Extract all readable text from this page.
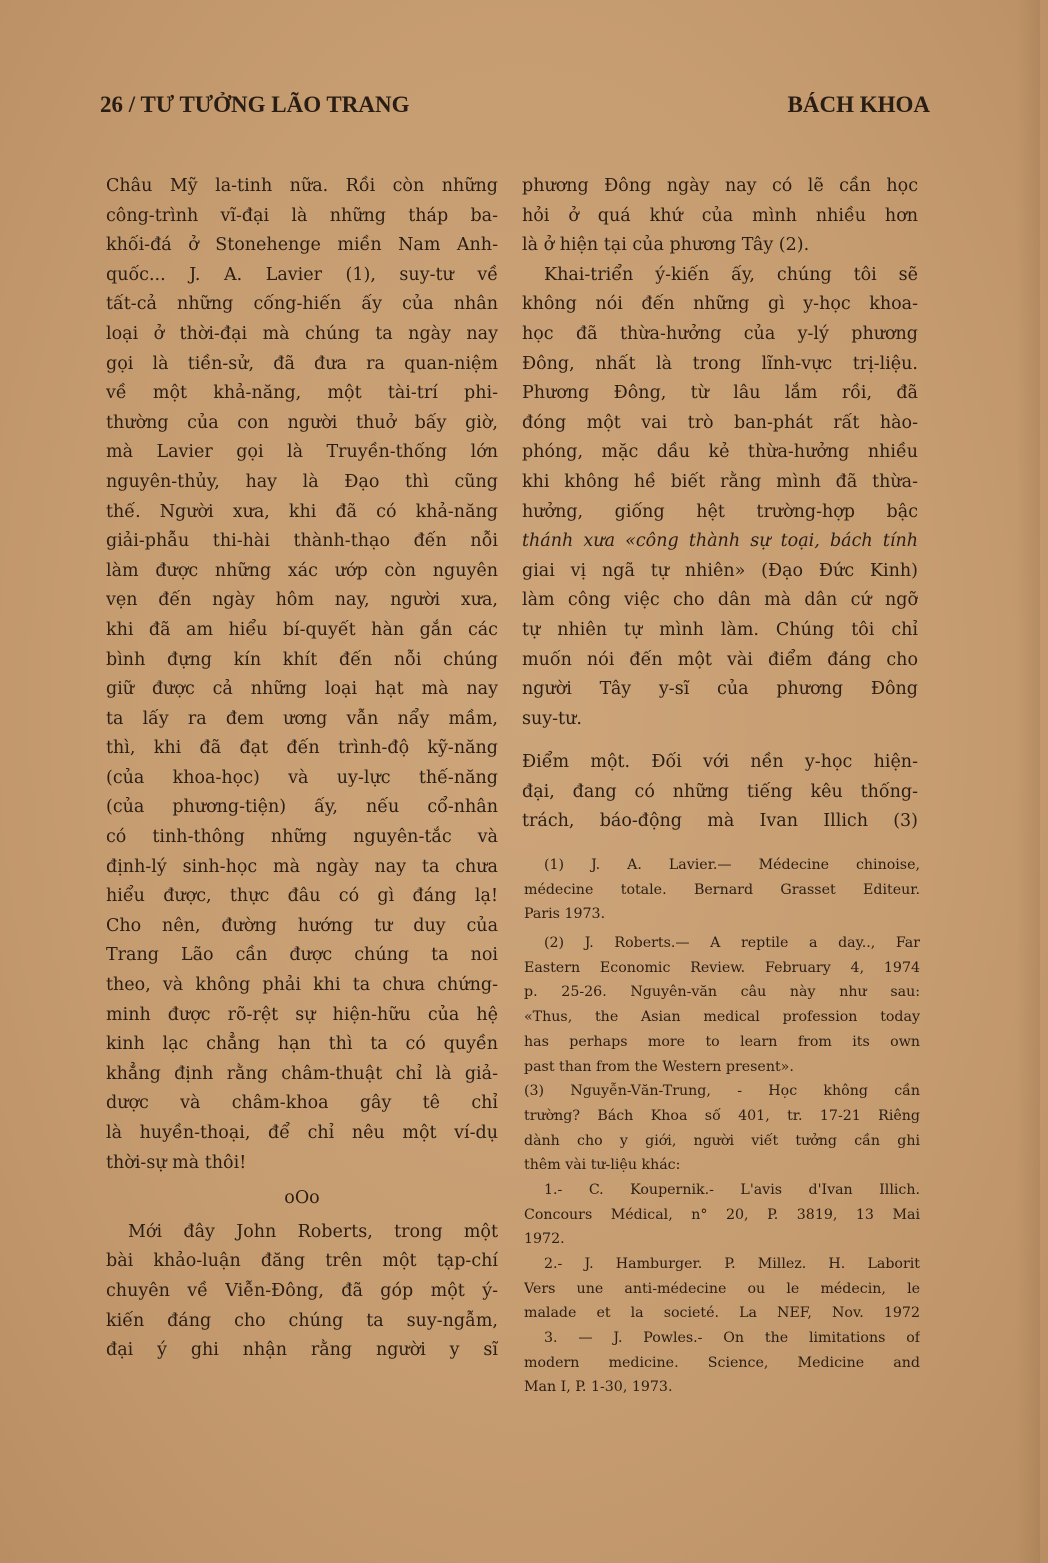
26 / TƯ TƯỞNG LÃO TRANG	BÁCH KHOA

Châu Mỹ la-tinh nữa. Rồi còn những

công-trình vĩ-đại là những tháp ba-

khối-đá ở Stonehenge miền Nam Anh-

quốc... J. A. Lavier (1), suy-tư về

tất-cả những cống-hiến ấy của nhân

loại ở thời-đại mà chúng ta ngày nay

gọi là tiền-sử, đã đưa ra quan-niệm

về một khả-năng, một tài-trí phi-

thường của con người thuở bấy giờ,

mà Lavier gọi là Truyền-thống lớn

nguyên-thủy, hay là Đạo thì cũng

thế. Người xưa, khi đã có khả-năng

giải-phẫu thi-hài thành-thạo đến nỗi

làm được những xác ướp còn nguyên

vẹn đến ngày hôm nay, người xưa,

khi đã am hiểu bí-quyết hàn gắn các

bình đựng kín khít đến nỗi chúng

giữ được cả những loại hạt mà nay

ta lấy ra đem ương vẫn nẩy mầm,

thì, khi đã đạt đến trình-độ kỹ-năng

(của khoa-học) và uy-lực thế-năng

(của phương-tiện) ấy, nếu cổ-nhân

có tinh-thông những nguyên-tắc và

định-lý sinh-học mà ngày nay ta chưa

hiểu được, thực đâu có gì đáng lạ!

Cho nên, đường hướng tư duy của

Trang Lão cần được chúng ta noi

theo, và không phải khi ta chưa chứng-

minh được rõ-rệt sự hiện-hữu của hệ

kinh lạc chẳng hạn thì ta có quyền

khẳng định rằng châm-thuật chỉ là giả-

dược và châm-khoa gây tê chỉ

là huyền-thoại, để chỉ nêu một ví-dụ

thời-sự mà thôi!

oOo

Mới đây John Roberts, trong một

bài khảo-luận đăng trên một tạp-chí

chuyên về Viễn-Đông, đã góp một ý-

kiến đáng cho chúng ta suy-ngẫm,

đại ý ghi nhận rằng người y sĩ

phương Đông ngày nay có lẽ cần học

hỏi ở quá khứ của mình nhiều hơn

là ở hiện tại của phương Tây (2).

Khai-triển ý-kiến ấy, chúng tôi sẽ

không nói đến những gì y-học khoa-

học đã thừa-hưởng của y-lý phương

Đông, nhất là trong lĩnh-vực trị-liệu.

Phương Đông, từ lâu lắm rồi, đã

đóng một vai trò ban-phát rất hào-

phóng, mặc dầu kẻ thừa-hưởng nhiều

khi không hề biết rằng mình đã thừa-

hưởng, giống hệt trường-hợp bậc

thánh xưa «công thành sự toại, bách tính

giai vị ngã tự nhiên» (Đạo Đức Kinh)

làm công việc cho dân mà dân cứ ngỡ

tự nhiên tự mình làm. Chúng tôi chỉ

muốn nói đến một vài điểm đáng cho

người Tây y-sĩ của phương Đông

suy-tư.

Điểm một. Đối với nền y-học hiện-

đại, đang có những tiếng kêu thống-

trách, báo-động mà Ivan Illich (3)

(1) J. A. Lavier.— Médecine chinoise,

médecine totale. Bernard Grasset Editeur.

Paris 1973.

(2) J. Roberts.— A reptile a day.., Far

Eastern Economic Review. February 4, 1974

p. 25-26. Nguyên-văn câu này như sau:

«Thus, the Asian medical profession today

has perhaps more to learn from its own

past than from the Western present».

(3) Nguyễn-Văn-Trung, - Học không cần

trường? Bách Khoa số 401, tr. 17-21 Riêng

dành cho y giới, người viết tưởng cần ghi

thêm vài tư-liệu khác:

1.- C. Koupernik.- L'avis d'Ivan Illich.

Concours Médical, n° 20, P. 3819, 13 Mai

1972.

2.- J. Hamburger. P. Millez. H. Laborit

Vers une anti-médecine ou le médecin, le

malade et la societé. La NEF, Nov. 1972

3. — J. Powles.- On the limitations of

modern medicine. Science, Medicine and

Man I, P. 1-30, 1973.
